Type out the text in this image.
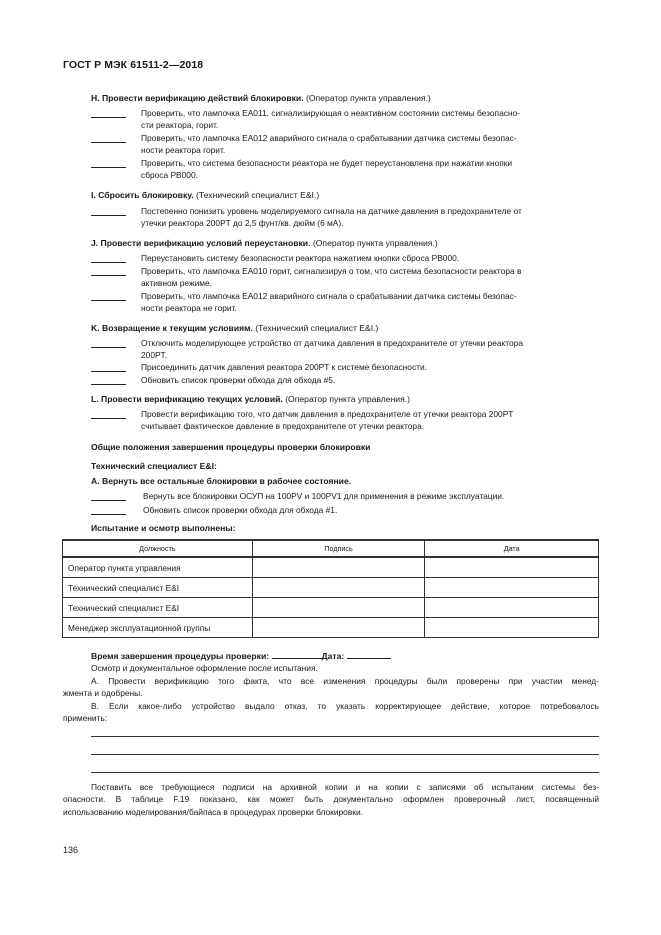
ГОСТ Р МЭК 61511-2—2018
H. Провести верификацию действий блокировки. (Оператор пункта управления.)
Проверить, что лампочка EA011, сигнализирующая о неактивном состоянии системы безопасно-
сти реактора, горит.
Проверить, что лампочка EA012 аварийного сигнала о срабатывании датчика системы безопас-
ности реактора горит.
Проверить, что система безопасности реактора не будет переустановлена при нажатии кнопки
сброса PB000.
I. Сбросить блокировку. (Технический специалист E&I.)
Постепенно понизить уровень моделируемого сигнала на датчике давления в предохранителе от
утечки реактора 200PT до 2,5 фунт/кв. дюйм (6 мА).
J. Провести верификацию условий переустановки. (Оператор пункта управления.)
Переустановить систему безопасности реактора нажатием кнопки сброса PB000.
Проверить, что лампочка EA010 горит, сигнализируя о том, что система безопасности реактора в
активном режиме.
Проверить, что лампочка EA012 аварийного сигнала о срабатывании датчика системы безопас-
ности реактора не горит.
K. Возвращение к текущим условиям. (Технический специалист E&I.)
Отключить моделирующее устройство от датчика давления в предохранителе от утечки реактора
200PT.
Присоединить датчик давления реактора 200PT к системе безопасности.
Обновить список проверки обхода для обхода #5.
L. Провести верификацию текущих условий. (Оператор пункта управления.)
Провести верификацию того, что датчик давления в предохранителе от утечки реактора 200PT
считывает фактическое давление в предохранителе от утечки реактора.
Общие положения завершения процедуры проверки блокировки
Технический специалист E&I:
A. Вернуть все остальные блокировки в рабочее состояние.
Вернуть все блокировки ОСУП на 100PV и 100PV1 для применения в режиме эксплуатации.
Обновить список проверки обхода для обхода #1.
Испытание и осмотр выполнены:
Должность	Подпись	Дата
Оператор пункта управления		
Технический специалист E&I		
Технический специалист E&I		
Менеджер эксплуатационной группы		
Время завершения процедуры проверки:	Дата:
Осмотр и документальное оформление после испытания.
A. Провести верификацию того факта, что все изменения процедуры были проверены при участии менед-
жмента и одобрены.
B. Если какое-либо устройство выдало отказ, то указать корректирующее действие, которое потребовалось
применить:
Поставить все требующиеся подписи на архивной копии и на копии с записями об испытании системы без-
опасности. В таблице F.19 показано, как может быть документально оформлен проверочный лист, посвященный
использованию моделирования/байпаса в процедурах проверки блокировки.
136
